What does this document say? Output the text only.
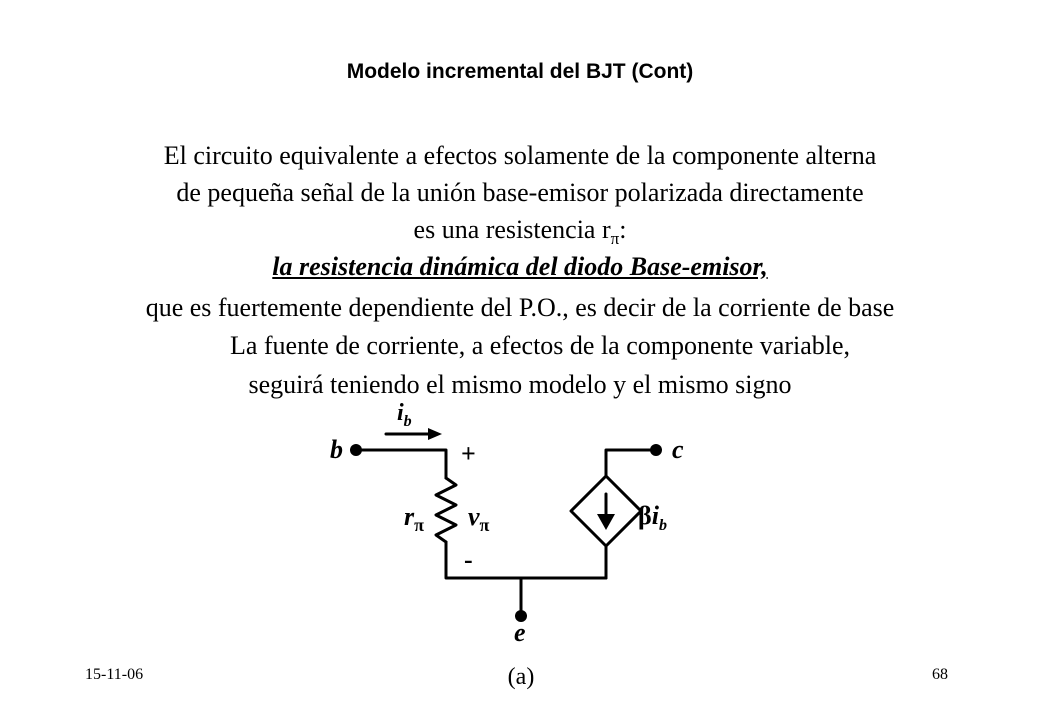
Modelo incremental del BJT (Cont)
El circuito equivalente a efectos solamente de la componente alterna
de pequeña señal de la unión base-emisor polarizada directamente
es una resistencia $r_\pi$:
la resistencia dinámica del diodo Base-emisor,
que es fuertemente dependiente del P.O., es decir de la corriente de base
La fuente de corriente, a efectos de la componente variable,
seguirá teniendo el mismo modelo y el mismo signo
$i_b$
b	c
e
+
-
$r_\pi$ $v_\pi$	$\beta i_b$
(a)
15-11-06	68
